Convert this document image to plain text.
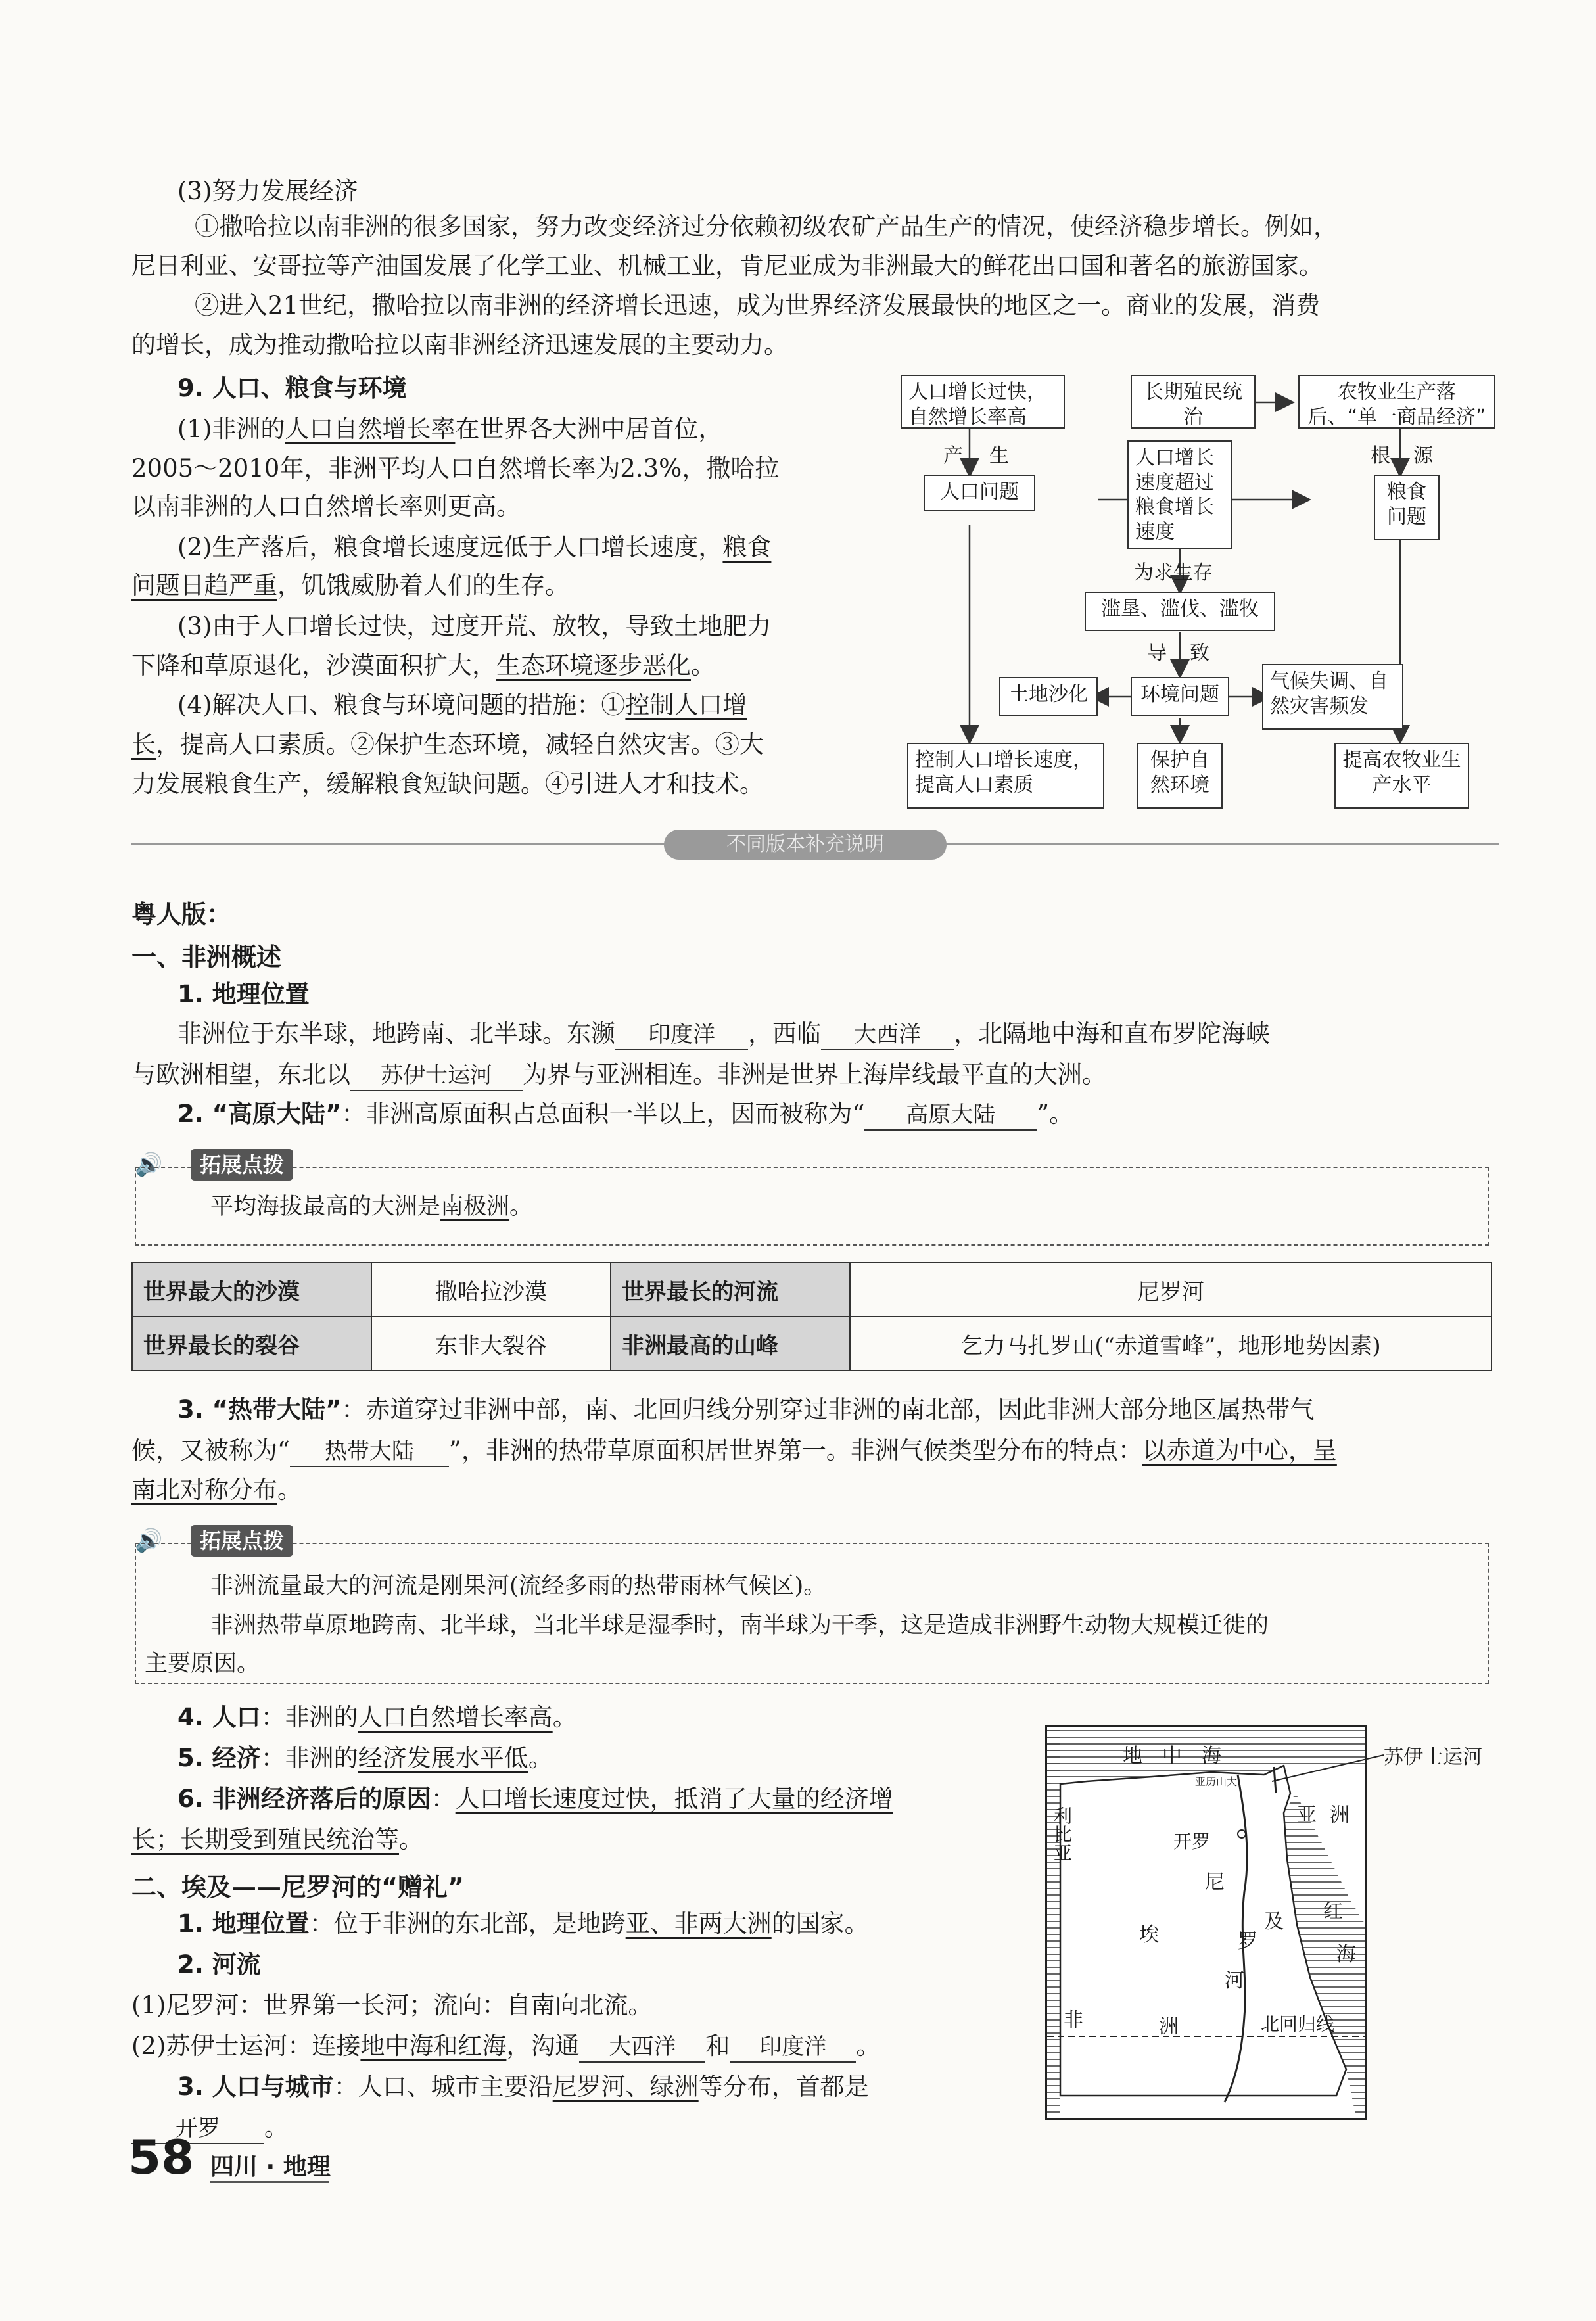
(3)努力发展经济

①撒哈拉以南非洲的很多国家，努力改变经济过分依赖初级农矿产品生产的情况，使经济稳步增长。例如，

尼日利亚、安哥拉等产油国发展了化学工业、机械工业，肯尼亚成为非洲最大的鲜花出口国和著名的旅游国家。

②进入21世纪，撒哈拉以南非洲的经济增长迅速，成为世界经济发展最快的地区之一。商业的发展，消费

的增长，成为推动撒哈拉以南非洲经济迅速发展的主要动力。

9. 人口、粮食与环境

(1)非洲的人口自然增长率在世界各大洲中居首位，

2005～2010年，非洲平均人口自然增长率为2.3%，撒哈拉

以南非洲的人口自然增长率则更高。

(2)生产落后，粮食增长速度远低于人口增长速度，粮食

问题日趋严重，饥饿威胁着人们的生存。

(3)由于人口增长过快，过度开荒、放牧，导致土地肥力

下降和草原退化，沙漠面积扩大，生态环境逐步恶化。

(4)解决人口、粮食与环境问题的措施：①控制人口增

长，提高人口素质。②保护生态环境，减轻自然灾害。③大

力发展粮食生产，缓解粮食短缺问题。④引进人才和技术。

人口增长过快，自然增长率高
长期殖民统治
农牧业生产落后、“单一商品经济”
产 生	根 源
人口问题
人口增长速度超过粮食增长速度
粮食问题
为求生存
滥垦、滥伐、滥牧
导 致
土地沙化	环境问题
气候失调、自然灾害频发
控制人口增长速度，提高人口素质
保护自然环境
提高农牧业生产水平
不同版本补充说明
粤人版：
一、非洲概述

1. 地理位置

非洲位于东半球，地跨南、北半球。东濒 印度洋 ，西临 大西洋 ，北隔地中海和直布罗陀海峡

与欧洲相望，东北以 苏伊士运河 为界与亚洲相连。非洲是世界上海岸线最平直的大洲。

2. “高原大陆”：非洲高原面积占总面积一半以上，因而被称为“ 高原大陆 ”。

🔊	拓展点拨

平均海拔最高的大洲是南极洲。

世界最大的沙漠	撒哈拉沙漠	世界最长的河流	尼罗河
世界最长的裂谷	东非大裂谷	非洲最高的山峰	乞力马扎罗山(“赤道雪峰”，地形地势因素)

3. “热带大陆”：赤道穿过非洲中部，南、北回归线分别穿过非洲的南北部，因此非洲大部分地区属热带气

候，又被称为“ 热带大陆 ”，非洲的热带草原面积居世界第一。非洲气候类型分布的特点：以赤道为中心，呈

南北对称分布。

🔊	拓展点拨

非洲流量最大的河流是刚果河(流经多雨的热带雨林气候区)。

非洲热带草原地跨南、北半球，当北半球是湿季时，南半球为干季，这是造成非洲野生动物大规模迁徙的

主要原因。

4. 人口：非洲的人口自然增长率高。

5. 经济：非洲的经济发展水平低。

6. 非洲经济落后的原因：人口增长速度过快，抵消了大量的经济增

长；长期受到殖民统治等。

二、埃及——尼罗河的“赠礼”

1. 地理位置：位于非洲的东北部，是地跨亚、非两大洲的国家。

2. 河流

(1)尼罗河：世界第一长河；流向：自南向北流。

(2)苏伊士运河：连接地中海和红海，沟通 大西洋 和 印度洋 。

3. 人口与城市：人口、城市主要沿尼罗河、绿洲等分布，首都是

开罗 。

地中海
亚历山大
利比亚	亚 洲
开罗
尼
罗
河
埃
及 红
海
非	洲	北回归线
苏伊士运河
58 四川 · 地理
